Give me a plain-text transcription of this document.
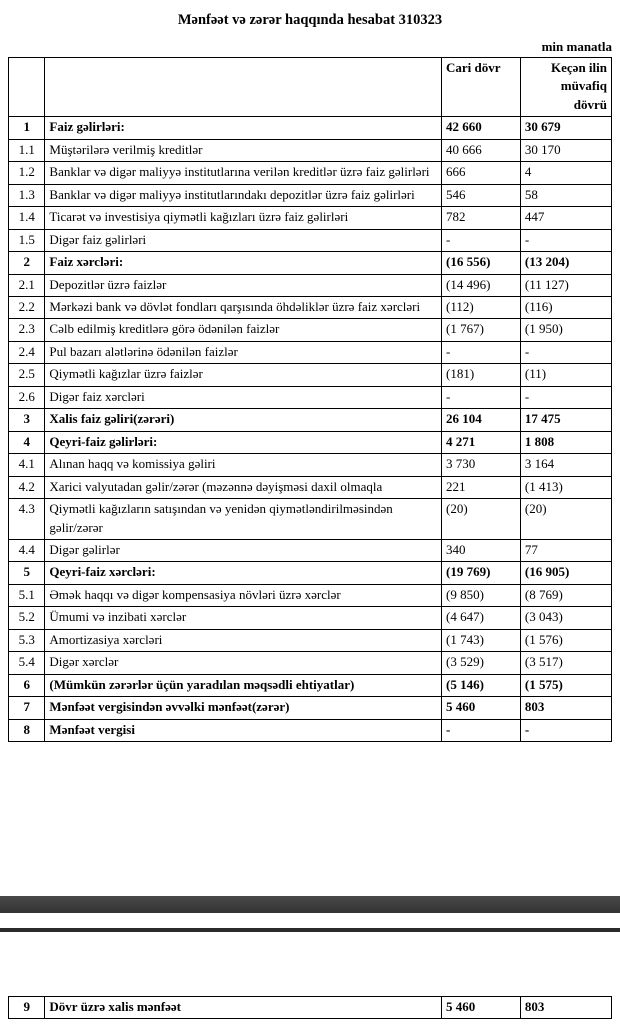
Mənfəət və zərər haqqında hesabat 310323
min manatla
		Cari dövr	Keçən ilin müvafiq dövrü
1	Faiz gəlirləri:	42 660	30 679
1.1	Müştərilərə verilmiş kreditlər	40 666	30 170
1.2	Banklar və digər maliyyə institutlarına verilən kreditlər üzrə faiz gəlirləri	666	4
1.3	Banklar və digər maliyyə institutlarındakı depozitlər üzrə faiz gəlirləri	546	58
1.4	Ticarət və investisiya qiymətli kağızları üzrə faiz gəlirləri	782	447
1.5	Digər faiz gəlirləri	-	-
2	Faiz xərcləri:	(16 556)	(13 204)
2.1	Depozitlər üzrə faizlər	(14 496)	(11 127)
2.2	Mərkəzi bank və dövlət fondları qarşısında öhdəliklər üzrə faiz xərcləri	(112)	(116)
2.3	Cəlb edilmiş kreditlərə görə ödənilən faizlər	(1 767)	(1 950)
2.4	Pul bazarı alətlərinə ödənilən faizlər	-	-
2.5	Qiymətli kağızlar üzrə faizlər	(181)	(11)
2.6	Digər faiz xərcləri	-	-
3	Xalis faiz gəliri(zərəri)	26 104	17 475
4	Qeyri-faiz gəlirləri:	4 271	1 808
4.1	Alınan haqq və komissiya gəliri	3 730	3 164
4.2	Xarici valyutadan gəlir/zərər (məzənnə dəyişməsi daxil olmaqla	221	(1 413)
4.3	Qiymətli kağızların satışından və yenidən qiymətləndirilməsindən gəlir/zərər	(20)	(20)
4.4	Digər gəlirlər	340	77
5	Qeyri-faiz xərcləri:	(19 769)	(16 905)
5.1	Əmək haqqı və digər kompensasiya növləri üzrə xərclər	(9 850)	(8 769)
5.2	Ümumi və inzibati xərclər	(4 647)	(3 043)
5.3	Amortizasiya xərcləri	(1 743)	(1 576)
5.4	Digər xərclər	(3 529)	(3 517)
6	(Mümkün zərərlər üçün yaradılan məqsədli ehtiyatlar)	(5 146)	(1 575)
7	Mənfəət vergisindən əvvəlki mənfəət(zərər)	5 460	803
8	Mənfəət vergisi	-	-
9	Dövr üzrə xalis mənfəət	5 460	803
